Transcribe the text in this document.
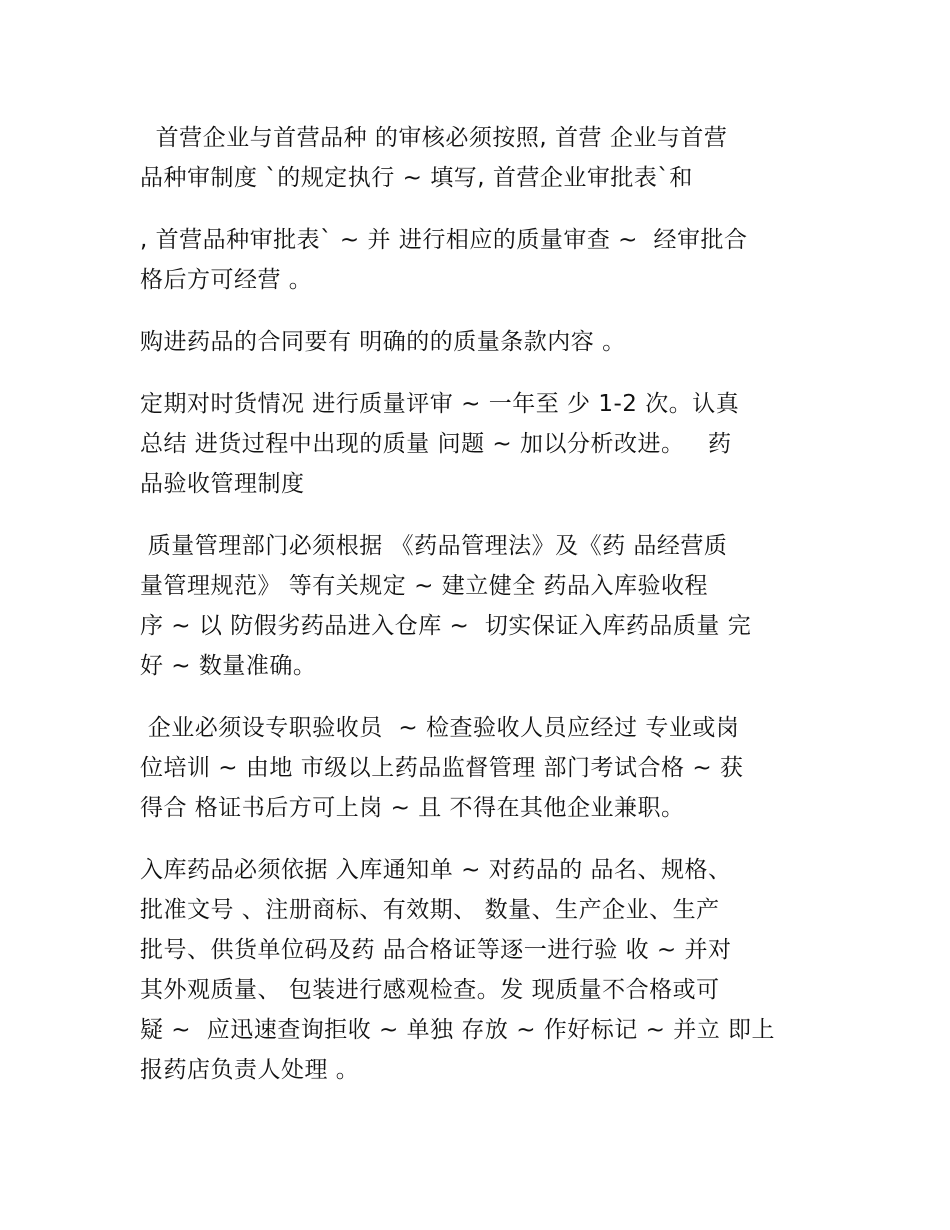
首营企业与首营品种 的审核必须按照, 首营 企业与首营
品种审制度 `的规定执行 ~ 填写, 首营企业审批表`和
, 首营品种审批表` ~ 并 进行相应的质量审查 ~  经审批合
格后方可经营 。
购进药品的合同要有 明确的的质量条款内容 。
定期对时货情况 进行质量评审 ~ 一年至 少 1-2 次。认真
总结 进货过程中出现的质量 问题 ~ 加以分析改进。   药
品验收管理制度
质量管理部门必须根据 《药品管理法》及《药 品经营质
量管理规范》 等有关规定 ~ 建立健全 药品入库验收程
序 ~ 以 防假劣药品进入仓库 ~  切实保证入库药品质量 完
好 ~ 数量准确。
企业必须设专职验收员  ~ 检查验收人员应经过 专业或岗
位培训 ~ 由地 市级以上药品监督管理 部门考试合格 ~ 获
得合 格证书后方可上岗 ~ 且 不得在其他企业兼职。
入库药品必须依据 入库通知单 ~ 对药品的 品名、规格、
批准文号 、注册商标、有效期、 数量、生产企业、生产
批号、供货单位码及药 品合格证等逐一进行验 收 ~ 并对
其外观质量、 包装进行感观检查。发 现质量不合格或可
疑 ~  应迅速查询拒收 ~ 单独 存放 ~ 作好标记 ~ 并立 即上
报药店负责人处理 。
